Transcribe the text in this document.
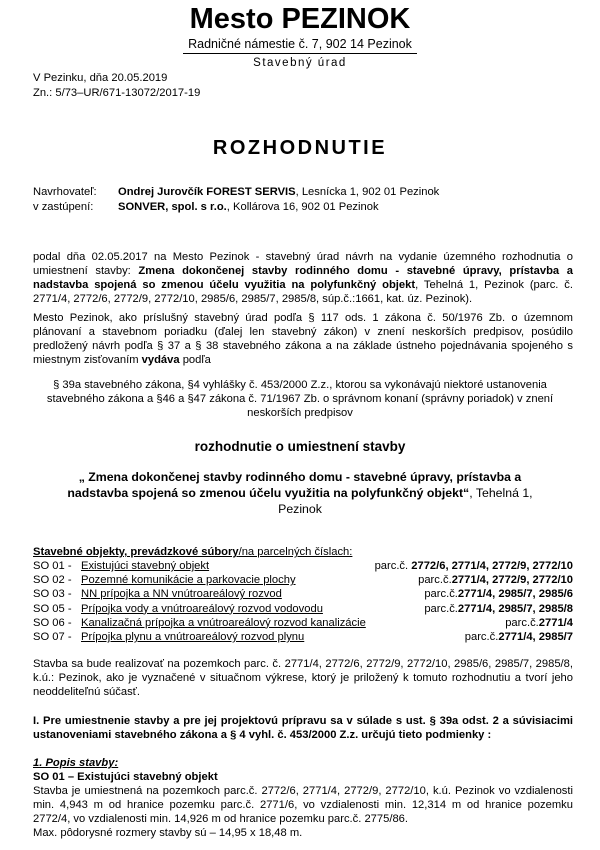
Mesto PEZINOK
Radničné námestie č. 7, 902 14 Pezinok
Stavebný úrad
V Pezinku, dňa 20.05.2019
Zn.: 5/73–UR/671-13072/2017-19
ROZHODNUTIE
Navrhovateľ:	Ondrej Jurovčík FOREST SERVIS, Lesnícka 1, 902 01 Pezinok
v zastúpení:	SONVER, spol. s r.o., Kollárova 16, 902 01 Pezinok
podal dňa 02.05.2017 na Mesto Pezinok - stavebný úrad návrh na vydanie územného rozhodnutia o umiestnení stavby: Zmena dokončenej stavby rodinného domu - stavebné úpravy, prístavba a nadstavba spojená so zmenou účelu využitia na polyfunkčný objekt, Tehelná 1, Pezinok (parc. č. 2771/4, 2772/6, 2772/9, 2772/10, 2985/6, 2985/7, 2985/8, súp.č.:1661, kat. úz. Pezinok).
Mesto Pezinok, ako príslušný stavebný úrad podľa § 117 ods. 1 zákona č. 50/1976 Zb. o územnom plánovaní a stavebnom poriadku (ďalej len stavebný zákon) v znení neskorších predpisov, posúdilo predložený návrh podľa § 37 a § 38 stavebného zákona a na základe ústneho pojednávania spojeného s miestnym zisťovaním vydáva podľa
§ 39a stavebného zákona, §4 vyhlášky č. 453/2000 Z.z., ktorou sa vykonávajú niektoré ustanovenia stavebného zákona a §46 a §47 zákona č. 71/1967 Zb. o správnom konaní (správny poriadok) v znení neskorších predpisov
rozhodnutie o umiestnení stavby
„ Zmena dokončenej stavby rodinného domu - stavebné úpravy, prístavba a nadstavba spojená so zmenou účelu využitia na polyfunkčný objekt“, Tehelná 1, Pezinok
Stavebné objekty, prevádzkové súbory/na parcelných číslach:
SO 01 - Existujúci stavebný objekt	parc.č. 2772/6, 2771/4, 2772/9, 2772/10
SO 02 - Pozemné komunikácie a parkovacie plochy	parc.č.2771/4, 2772/9, 2772/10
SO 03 - NN prípojka a NN vnútroareálový rozvod	parc.č.2771/4, 2985/7, 2985/6
SO 05 - Prípojka vody a vnútroareálový rozvod vodovodu	parc.č.2771/4, 2985/7, 2985/8
SO 06 - Kanalizačná prípojka a vnútroareálový rozvod kanalizácie	parc.č.2771/4
SO 07 - Prípojka plynu a vnútroareálový rozvod plynu	parc.č.2771/4, 2985/7
Stavba sa bude realizovať na pozemkoch parc. č. 2771/4, 2772/6, 2772/9, 2772/10, 2985/6, 2985/7, 2985/8, k.ú.: Pezinok, ako je vyznačené v situačnom výkrese, ktorý je priložený k tomuto rozhodnutiu a tvorí jeho neoddeliteľnú súčasť.
I. Pre umiestnenie stavby a pre jej projektovú prípravu sa v súlade s ust. § 39a odst. 2 a súvisiacimi ustanoveniami stavebného zákona a § 4 vyhl. č. 453/2000 Z.z. určujú tieto podmienky :
1. Popis stavby:
SO 01 – Existujúci stavebný objekt
Stavba je umiestnená na pozemkoch parc.č. 2772/6, 2771/4, 2772/9, 2772/10, k.ú. Pezinok vo vzdialenosti min. 4,943 m od hranice pozemku parc.č. 2771/6, vo vzdialenosti min. 12,314 m od hranice pozemku 2772/4, vo vzdialenosti min. 14,926 m od hranice pozemku parc.č. 2775/86.
Max. pôdorysné rozmery stavby sú – 14,95 x 18,48 m.
